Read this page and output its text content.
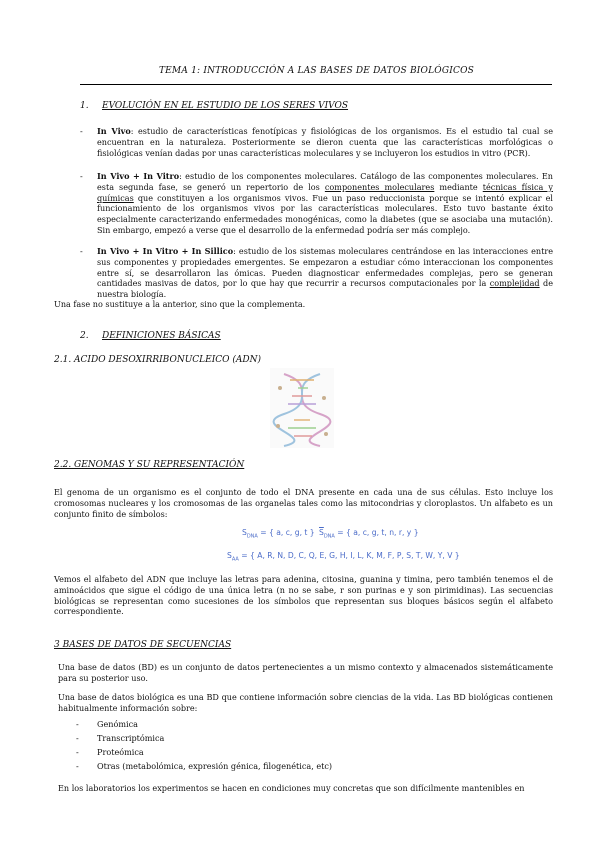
TEMA 1: INTRODUCCIÓN A LAS BASES DE DATOS BIOLÓGICOS
1. EVOLUCIÓN EN EL ESTUDIO DE LOS SERES VIVOS
- In Vivo: estudio de características fenotípicas y fisiológicas de los organismos. Es el estudio tal cual se encuentran en la naturaleza. Posteriormente se dieron cuenta que las características morfológicas o fisiológicas venían dadas por unas características moleculares y se incluyeron los estudios in vitro (PCR).
- In Vivo + In Vitro: estudio de los componentes moleculares. Catálogo de las componentes moleculares. En esta segunda fase, se generó un repertorio de los componentes moleculares mediante técnicas física y químicas que constituyen a los organismos vivos. Fue un paso reduccionista porque se intentó explicar el funcionamiento de los organismos vivos por las características moleculares. Esto tuvo bastante éxito especialmente caracterizando enfermedades monogénicas, como la diabetes (que se asociaba una mutación). Sin embargo, empezó a verse que el desarrollo de la enfermedad podría ser más complejo.
- In Vivo + In Vitro + In Sillico: estudio de los sistemas moleculares centrándose en las interacciones entre sus componentes y propiedades emergentes. Se empezaron a estudiar cómo interaccionan los componentes entre sí, se desarrollaron las ómicas. Pueden diagnosticar enfermedades complejas, pero se generan cantidades masivas de datos, por lo que hay que recurrir a recursos computacionales por la complejidad de nuestra biología.
Una fase no sustituye a la anterior, sino que la complementa.
2. DEFINICIONES BÁSICAS
2.1. ACIDO DESOXIRRIBONUCLEICO (ADN)
2.2. GENOMAS Y SU REPRESENTACIÓN
El genoma de un organismo es el conjunto de todo el DNA presente en cada una de sus células. Esto incluye los cromosomas nucleares y los cromosomas de las organelas tales como las mitocondrias y cloroplastos. Un alfabeto es un conjunto finito de símbolos:
$S_{DNA}$ = { a, c, g, t } $\overline{S}_{DNA}$ = { a, c, g, t, n, r, y }
$S_{AA}$ = { A, R, N, D, C, Q, E, G, H, I, L, K, M, F, P, S, T, W, Y, V }
Vemos el alfabeto del ADN que incluye las letras para adenina, citosina, guanina y timina, pero también tenemos el de aminoácidos que sigue el código de una única letra (n no se sabe, r son purinas e y son pirimidinas). Las secuencias biológicas se representan como sucesiones de los símbolos que representan sus bloques básicos según el alfabeto correspondiente.
3 BASES DE DATOS DE SECUENCIAS
Una base de datos (BD) es un conjunto de datos pertenecientes a un mismo contexto y almacenados sistemáticamente para su posterior uso.
Una base de datos biológica es una BD que contiene información sobre ciencias de la vida. Las BD biológicas contienen habitualmente información sobre:
- Genómica
- Transcriptómica
- Proteómica
- Otras (metabolómica, expresión génica, filogenética, etc)
En los laboratorios los experimentos se hacen en condiciones muy concretas que son difícilmente mantenibles en
